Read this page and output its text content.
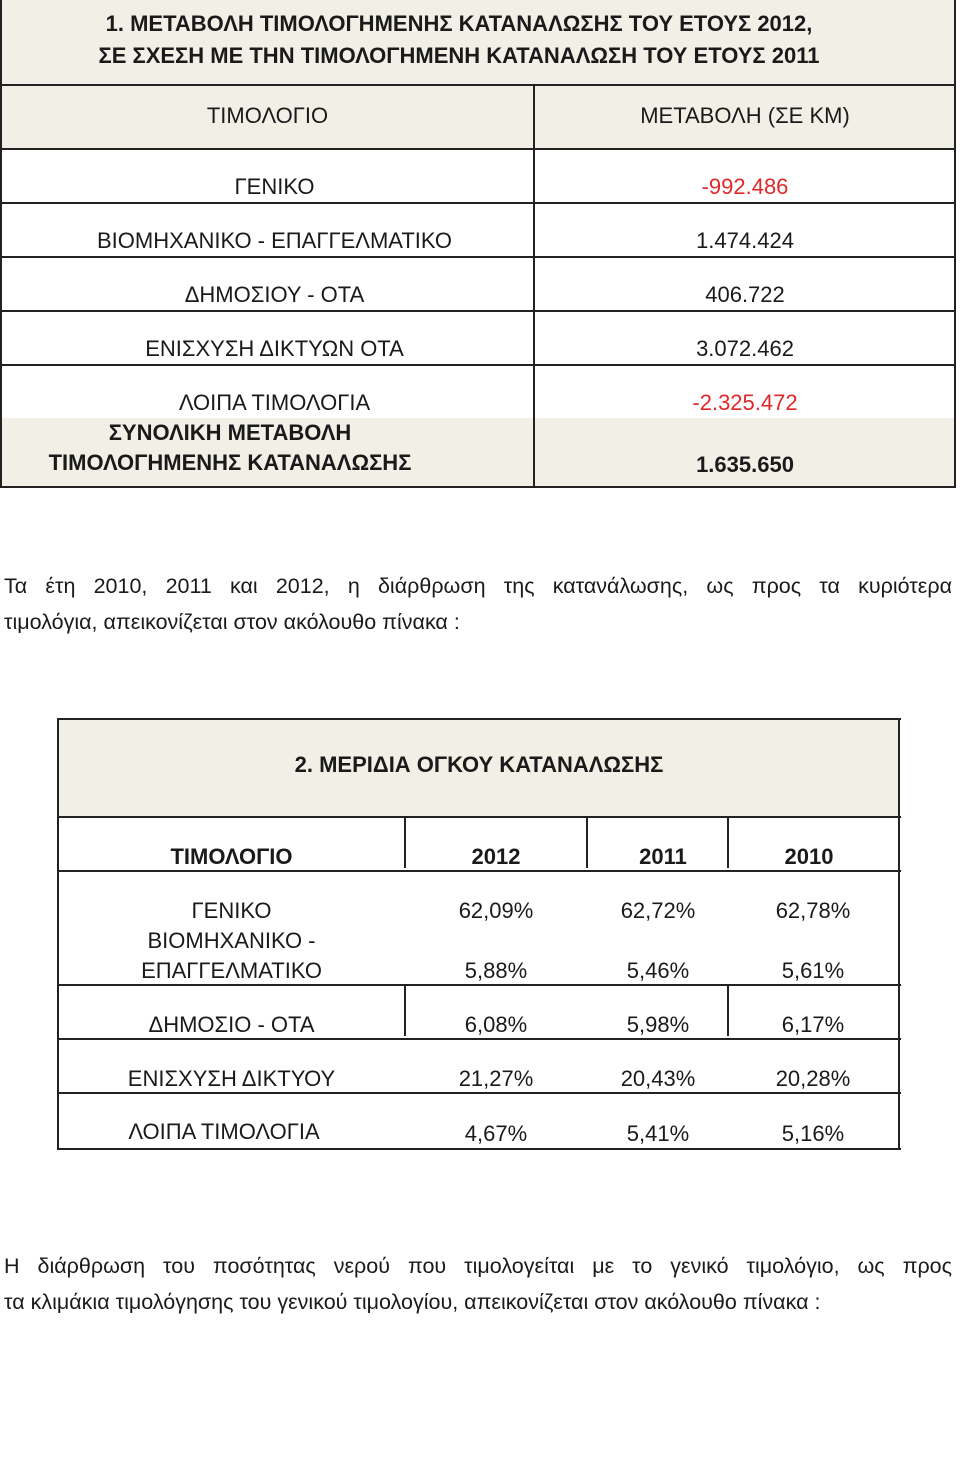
1. ΜΕΤΑΒΟΛΗ ΤΙΜΟΛΟΓΗΜΕΝΗΣ ΚΑΤΑΝΑΛΩΣΗΣ ΤΟΥ ΕΤΟΥΣ 2012,
ΣΕ ΣΧΕΣΗ ΜΕ ΤΗΝ ΤΙΜΟΛΟΓΗΜΕΝΗ ΚΑΤΑΝΑΛΩΣΗ ΤΟΥ ΕΤΟΥΣ 2011
ΤΙΜΟΛΟΓΙΟ	ΜΕΤΑΒΟΛΗ (ΣΕ ΚΜ)
ΓΕΝΙΚΟ	-992.486
ΒΙΟΜΗΧΑΝΙΚΟ - ΕΠΑΓΓΕΛΜΑΤΙΚΟ	1.474.424
ΔΗΜΟΣΙΟΥ - ΟΤΑ	406.722
ΕΝΙΣΧΥΣΗ ΔΙΚΤΥΩΝ ΟΤΑ	3.072.462
ΛΟΙΠΑ ΤΙΜΟΛΟΓΙΑ	-2.325.472
ΣΥΝΟΛΙΚΗ ΜΕΤΑΒΟΛΗ
ΤΙΜΟΛΟΓΗΜΕΝΗΣ ΚΑΤΑΝΑΛΩΣΗΣ	1.635.650
Τα έτη 2010, 2011 και 2012, η διάρθρωση της κατανάλωσης, ως προς τα κυριότερα
τιμολόγια, απεικονίζεται στον ακόλουθο πίνακα :
2. ΜΕΡΙΔΙΑ ΟΓΚΟΥ ΚΑΤΑΝΑΛΩΣΗΣ
ΤΙΜΟΛΟΓΙΟ	2012	2011	2010
ΓΕΝΙΚΟ	62,09%	62,72%	62,78%
ΒΙΟΜΗΧΑΝΙΚΟ -
ΕΠΑΓΓΕΛΜΑΤΙΚΟ	5,88%	5,46%	5,61%
ΔΗΜΟΣΙΟ - ΟΤΑ	6,08%	5,98%	6,17%
ΕΝΙΣΧΥΣΗ ΔΙΚΤΥΟΥ	21,27%	20,43%	20,28%
ΛΟΙΠΑ ΤΙΜΟΛΟΓΙΑ	4,67%	5,41%	5,16%
Η διάρθρωση του ποσότητας νερού που τιμολογείται με το γενικό τιμολόγιο, ως προς
τα κλιμάκια τιμολόγησης του γενικού τιμολογίου, απεικονίζεται στον ακόλουθο πίνακα :
